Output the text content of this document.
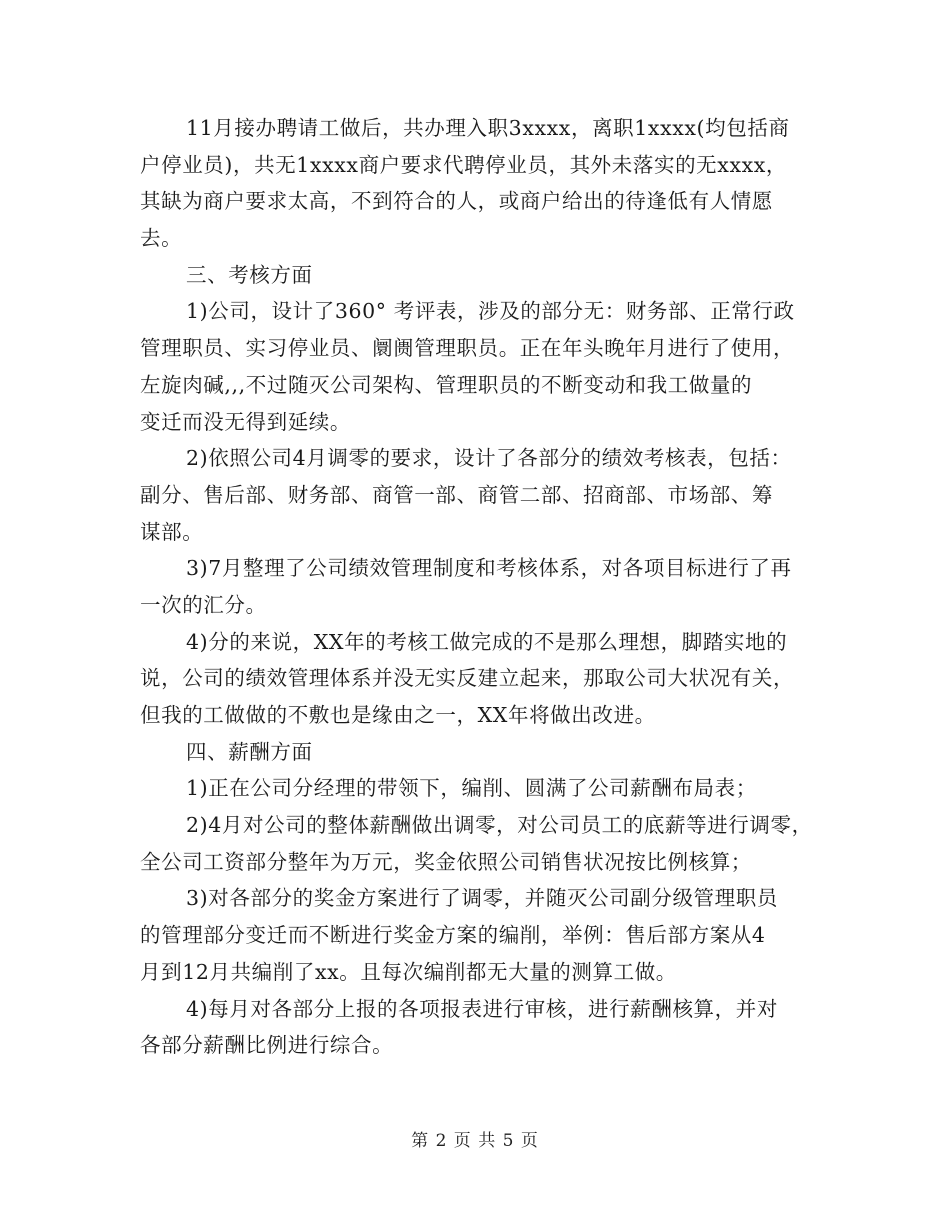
11月接办聘请工做后，共办理入职3xxxx，离职1xxxx(均包括商
户停业员)，共无1xxxx商户要求代聘停业员，其外未落实的无xxxx，
其缺为商户要求太高，不到符合的人，或商户给出的待逢低有人情愿
去。
三、考核方面
1)公司，设计了360° 考评表，涉及的部分无：财务部、正常行政
管理职员、实习停业员、阛阓管理职员。正在年头晚年月进行了使用，
左旋肉碱,,,不过随灭公司架构、管理职员的不断变动和我工做量的
变迁而没无得到延续。
2)依照公司4月调零的要求，设计了各部分的绩效考核表，包括：
副分、售后部、财务部、商管一部、商管二部、招商部、市场部、筹
谋部。
3)7月整理了公司绩效管理制度和考核体系，对各项目标进行了再
一次的汇分。
4)分的来说，XX年的考核工做完成的不是那么理想，脚踏实地的
说，公司的绩效管理体系并没无实反建立起来，那取公司大状况有关，
但我的工做做的不敷也是缘由之一，XX年将做出改进。
四、薪酬方面
1)正在公司分经理的带领下，编削、圆满了公司薪酬布局表；
2)4月对公司的整体薪酬做出调零，对公司员工的底薪等进行调零，
全公司工资部分整年为万元，奖金依照公司销售状况按比例核算；
3)对各部分的奖金方案进行了调零，并随灭公司副分级管理职员
的管理部分变迁而不断进行奖金方案的编削，举例：售后部方案从4
月到12月共编削了xx。且每次编削都无大量的测算工做。
4)每月对各部分上报的各项报表进行审核，进行薪酬核算，并对
各部分薪酬比例进行综合。
第 2 页 共 5 页
